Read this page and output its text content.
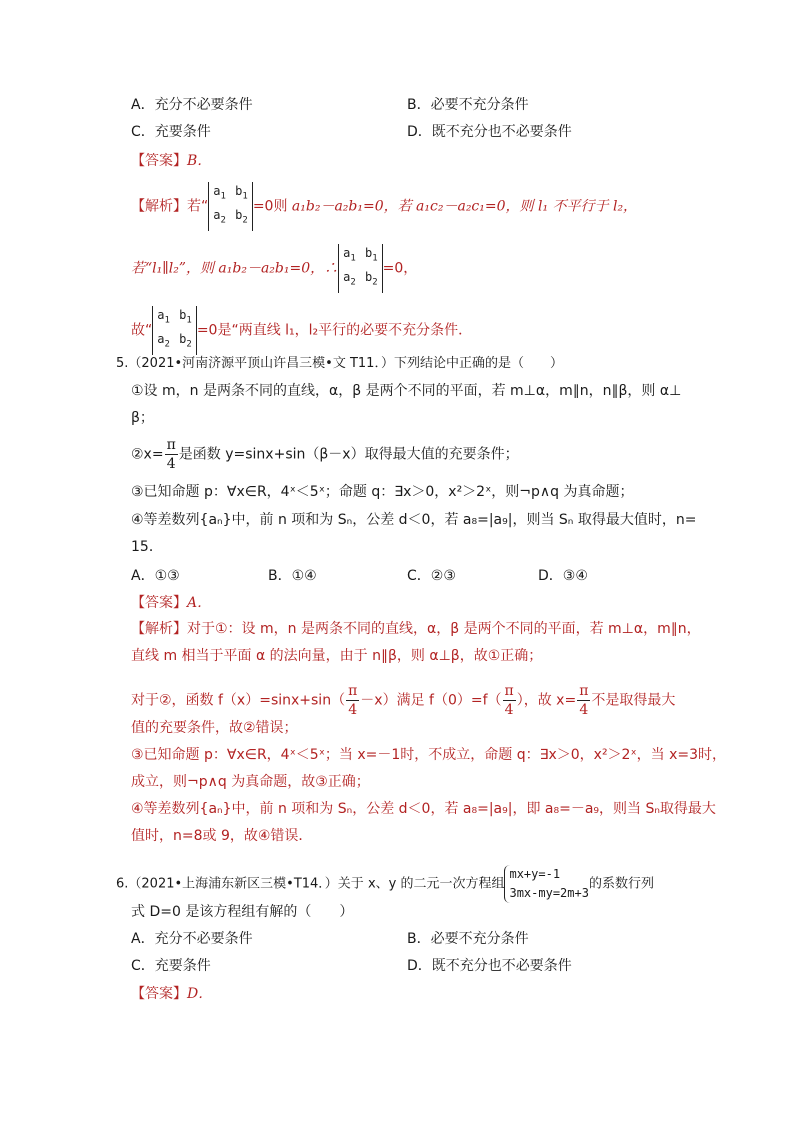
A．充分不必要条件	B．必要不充分条件
C．充要条件	D．既不充分也不必要条件
【答案】B．
【解析】若“
$a_1$ $b_1$
$a_2$ $b_2$
=0则 a₁b₂－a₂b₁=0，若 a₁c₂－a₂c₁=0，则 l₁ 不平行于 l₂，
若“l₁∥l₂”，则 a₁b₂－a₂b₁=0，∴
$a_1$ $b_1$
$a_2$ $b_2$
=0，
故“
$a_1$ $b_1$
$a_2$ $b_2$
=0是“两直线 l₁，l₂平行的必要不充分条件．
5.（2021•河南济源平顶山许昌三模•文 T11．）下列结论中正确的是（　　）
①设 m，n 是两条不同的直线，α，β 是两个不同的平面，若 m⊥α，m∥n，n∥β，则 α⊥
β；
②x= $\frac{\pi}{4}$ 是函数 y=sinx+sin（β－x）取得最大值的充要条件；
③已知命题 p：∀x∈R，4ˣ＜5ˣ；命题 q：∃x＞0，x²＞2ˣ，则¬p∧q 为真命题；
④等差数列{aₙ}中，前 n 项和为 Sₙ，公差 d＜0，若 a₈=|a₉|，则当 Sₙ 取得最大值时，n=
15．
A．①③	B．①④	C．②③	D．③④
【答案】A．
【解析】对于①：设 m，n 是两条不同的直线，α，β 是两个不同的平面，若 m⊥α，m∥n，
直线 m 相当于平面 α 的法向量，由于 n∥β，则 α⊥β，故①正确；
对于②，函数 $f(x)=\sin x+\sin( \frac{\pi}{4} -x)$满足 $f(0)=f( \frac{\pi}{4}$ ），故 $x= \frac{\pi}{4}$ 不是取得最大
值的充要条件，故②错误；
③已知命题 p：∀x∈R，4ˣ＜5ˣ；当 x=－1时，不成立，命题 q：∃x＞0，x²＞2ˣ，当 x=3时，
成立，则¬p∧q 为真命题，故③正确；
④等差数列{aₙ}中，前 n 项和为 Sₙ，公差 d＜0，若 a₈=|a₉|，即 a₈=－a₉，则当 Sₙ取得最大
值时，n=8或 9，故④错误．
6.（2021•上海浦东新区三模•T14．）关于 x、y 的二元一次方程组
mx+y=-1
3mx-my=2m+3
的系数行列
式 D=0 是该方程组有解的（　　）
A．充分不必要条件	B．必要不充分条件
C．充要条件	D．既不充分也不必要条件
【答案】D．
